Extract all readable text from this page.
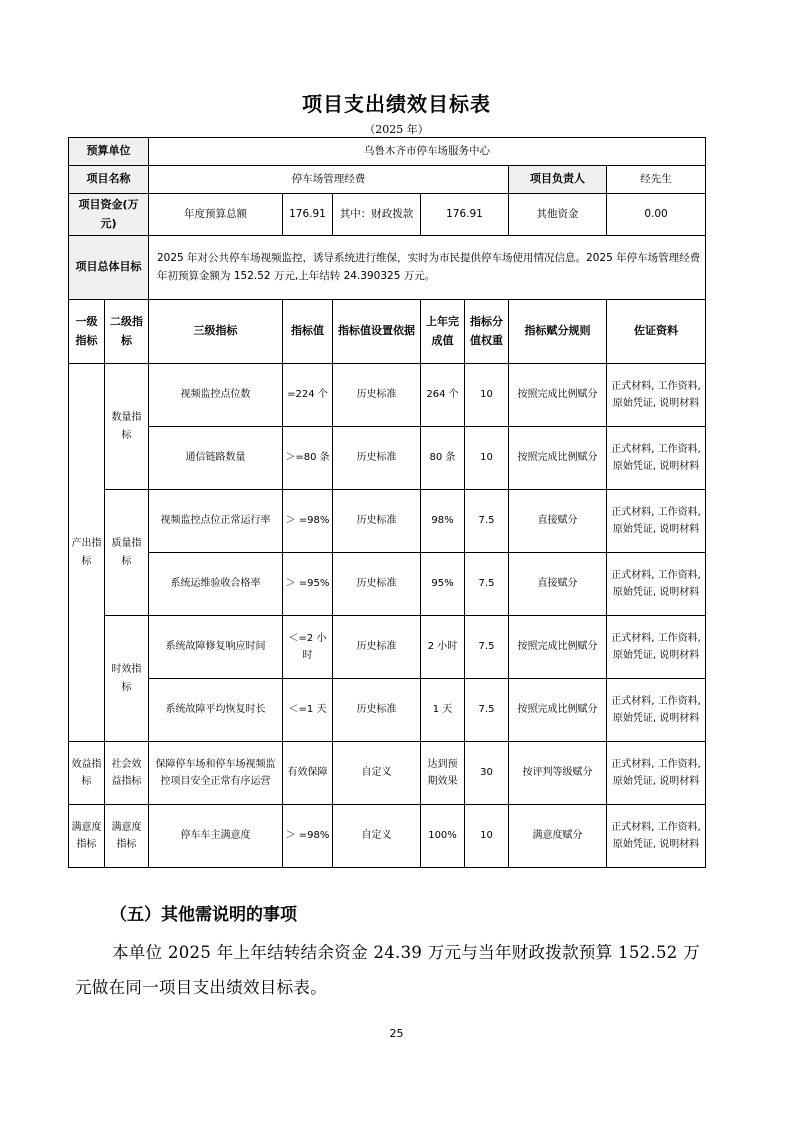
项目支出绩效目标表
（2025 年）
预算单位		乌鲁木齐市停车场服务中心						
项目名称		停车场管理经费					项目负责人	经先生
项目资金(万元)		年度预算总额	176.91	其中：财政拨款	176.91		其他资金	0.00
项目总体目标		2025 年对公共停车场视频监控，诱导系统进行维保，实时为市民提供停车场使用情况信息。2025 年停车场管理经费年初预算金额为 152.52 万元,上年结转 24.390325 万元。						
一级指标	二级指标	三级指标	指标值	指标值设置依据	上年完成值	指标分值权重	指标赋分规则	佐证资料
产出指标	数量指标	视频监控点位数	=224 个	历史标准	264 个	10	按照完成比例赋分	正式材料, 工作资料, 原始凭证, 说明材料
		通信链路数量	＞=80 条	历史标准	80 条	10	按照完成比例赋分	正式材料, 工作资料, 原始凭证, 说明材料
	质量指标	视频监控点位正常运行率	＞ =98%	历史标准	98%	7.5	直接赋分	正式材料, 工作资料, 原始凭证, 说明材料
		系统运维验收合格率	＞ =95%	历史标准	95%	7.5	直接赋分	正式材料, 工作资料, 原始凭证, 说明材料
	时效指标	系统故障修复响应时间	＜=2 小时	历史标准	2 小时	7.5	按照完成比例赋分	正式材料, 工作资料, 原始凭证, 说明材料
		系统故障平均恢复时长	＜=1 天	历史标准	1 天	7.5	按照完成比例赋分	正式材料, 工作资料, 原始凭证, 说明材料
效益指标	社会效益指标	保障停车场和停车场视频监控项目安全正常有序运营	有效保障	自定义	达到预期效果	30	按评判等级赋分	正式材料, 工作资料, 原始凭证, 说明材料
满意度指标	满意度指标	停车车主满意度	＞ =98%	自定义	100%	10	满意度赋分	正式材料, 工作资料, 原始凭证, 说明材料
（五）其他需说明的事项
本单位 2025 年上年结转结余资金 24.39 万元与当年财政拨款预算 152.52 万元做在同一项目支出绩效目标表。
25
